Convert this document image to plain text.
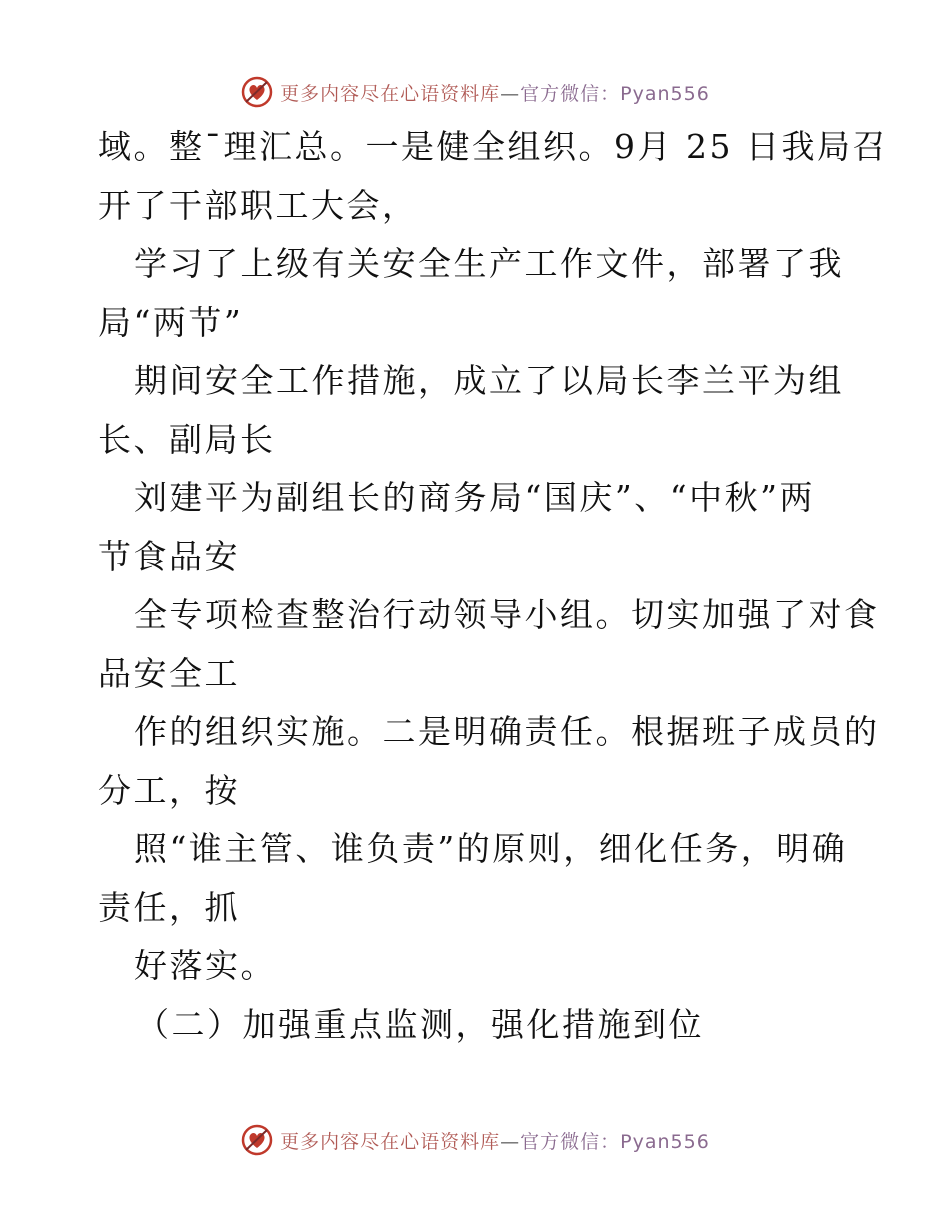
更多内容尽在心语资料库—官方微信：Pyan556
域。整¯理汇总。一是健全组织。9月 25 日我局召
开了干部职工大会，
学习了上级有关安全生产工作文件，部署了我
局“两节”
期间安全工作措施，成立了以局长李兰平为组
长、副局长
刘建平为副组长的商务局“国庆”、“中秋”两
节食品安
全专项检查整治行动领导小组。切实加强了对食
品安全工
作的组织实施。二是明确责任。根据班子成员的
分工，按
照“谁主管、谁负责”的原则，细化任务，明确
责任，抓
好落实。
（二）加强重点监测，强化措施到位
更多内容尽在心语资料库—官方微信：Pyan556
